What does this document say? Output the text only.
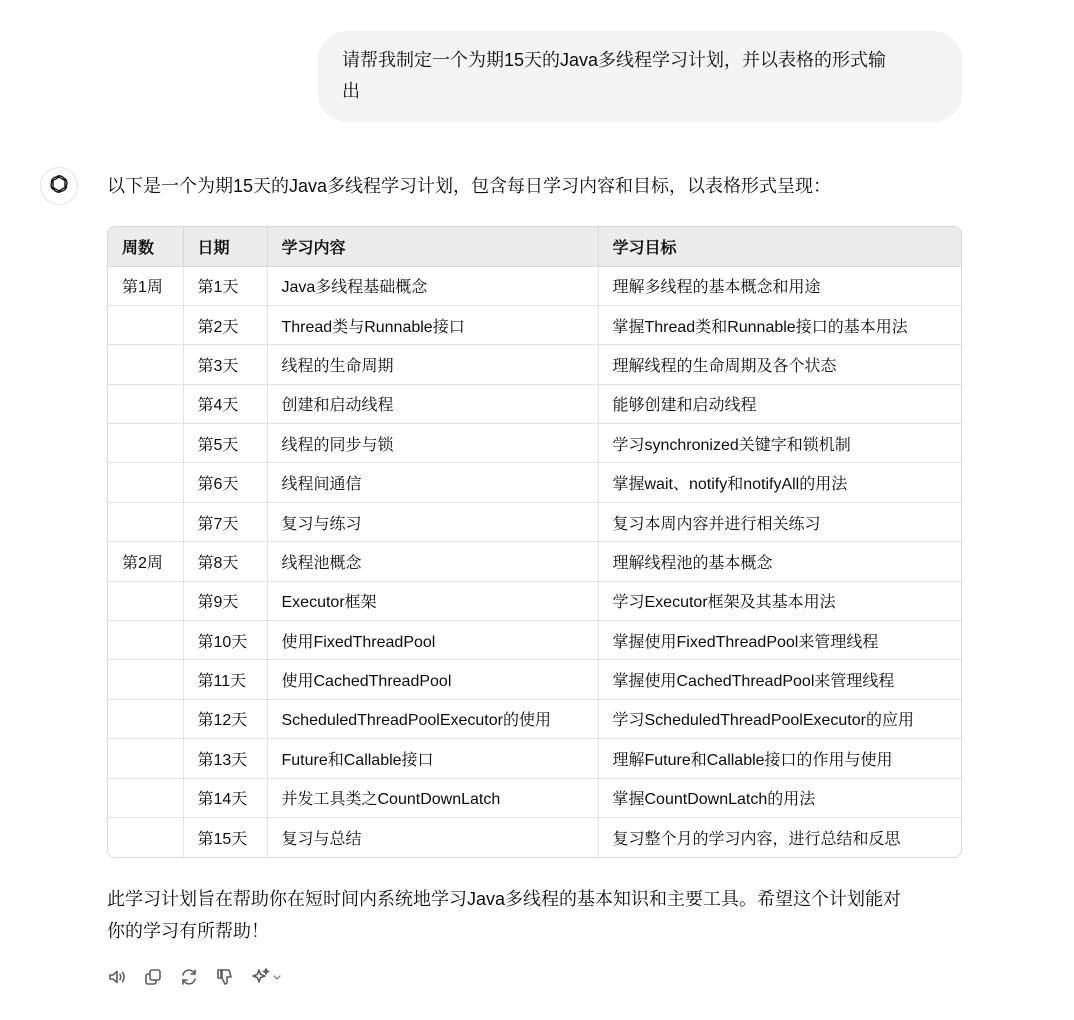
请帮我制定一个为期15天的Java多线程学习计划，并以表格的形式输
出
以下是一个为期15天的Java多线程学习计划，包含每日学习内容和目标，以表格形式呈现：
周数	日期	学习内容	学习目标
第1周	第1天	Java多线程基础概念	理解多线程的基本概念和用途
	第2天	Thread类与Runnable接口	掌握Thread类和Runnable接口的基本用法
	第3天	线程的生命周期	理解线程的生命周期及各个状态
	第4天	创建和启动线程	能够创建和启动线程
	第5天	线程的同步与锁	学习synchronized关键字和锁机制
	第6天	线程间通信	掌握wait、notify和notifyAll的用法
	第7天	复习与练习	复习本周内容并进行相关练习
第2周	第8天	线程池概念	理解线程池的基本概念
	第9天	Executor框架	学习Executor框架及其基本用法
	第10天	使用FixedThreadPool	掌握使用FixedThreadPool来管理线程
	第11天	使用CachedThreadPool	掌握使用CachedThreadPool来管理线程
	第12天	ScheduledThreadPoolExecutor的使用	学习ScheduledThreadPoolExecutor的应用
	第13天	Future和Callable接口	理解Future和Callable接口的作用与使用
	第14天	并发工具类之CountDownLatch	掌握CountDownLatch的用法
	第15天	复习与总结	复习整个月的学习内容，进行总结和反思
此学习计划旨在帮助你在短时间内系统地学习Java多线程的基本知识和主要工具。希望这个计划能对
你的学习有所帮助！
